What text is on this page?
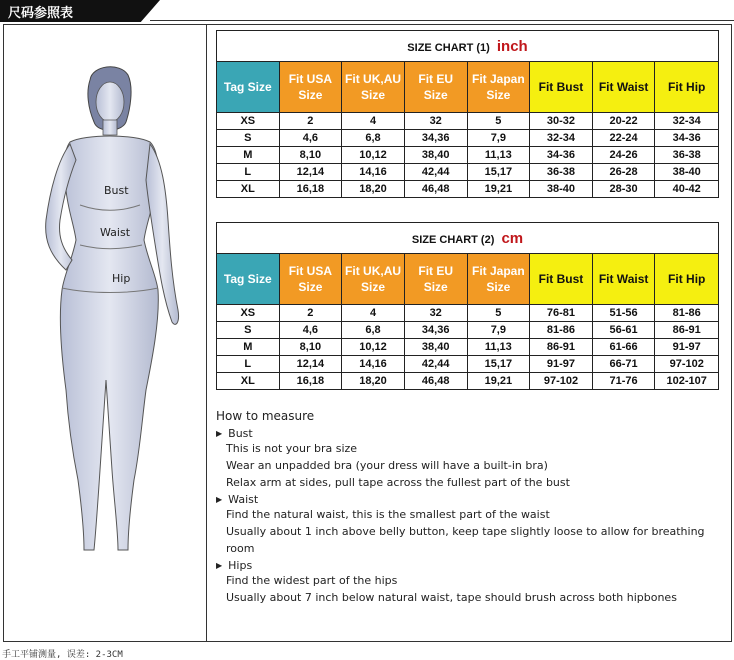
尺码参照表
Bust
Waist
Hip
SIZE CHART (1) inch							
Tag Size	Fit USA Size	Fit UK,AU Size	Fit EU Size	Fit Japan Size	Fit Bust	Fit Waist	Fit Hip
XS	2	4	32	5	30-32	20-22	32-34
S	4,6	6,8	34,36	7,9	32-34	22-24	34-36
M	8,10	10,12	38,40	11,13	34-36	24-26	36-38
L	12,14	14,16	42,44	15,17	36-38	26-28	38-40
XL	16,18	18,20	46,48	19,21	38-40	28-30	40-42
SIZE CHART (2) cm							
Tag Size	Fit USA Size	Fit UK,AU Size	Fit EU Size	Fit Japan Size	Fit Bust	Fit Waist	Fit Hip
XS	2	4	32	5	76-81	51-56	81-86
S	4,6	6,8	34,36	7,9	81-86	56-61	86-91
M	8,10	10,12	38,40	11,13	86-91	61-66	91-97
L	12,14	14,16	42,44	15,17	91-97	66-71	97-102
XL	16,18	18,20	46,48	19,21	97-102	71-76	102-107
How to measure
▶ Bust
This is not your bra size
Wear an unpadded bra (your dress will have a built-in bra)
Relax arm at sides, pull tape across the fullest part of the bust
▶ Waist
Find the natural waist, this is the smallest part of the waist
Usually about 1 inch above belly button, keep tape slightly loose to allow for breathing room
▶ Hips
Find the widest part of the hips
Usually about 7 inch below natural waist, tape should brush across both hipbones
手工平铺测量, 误差: 2-3CM
